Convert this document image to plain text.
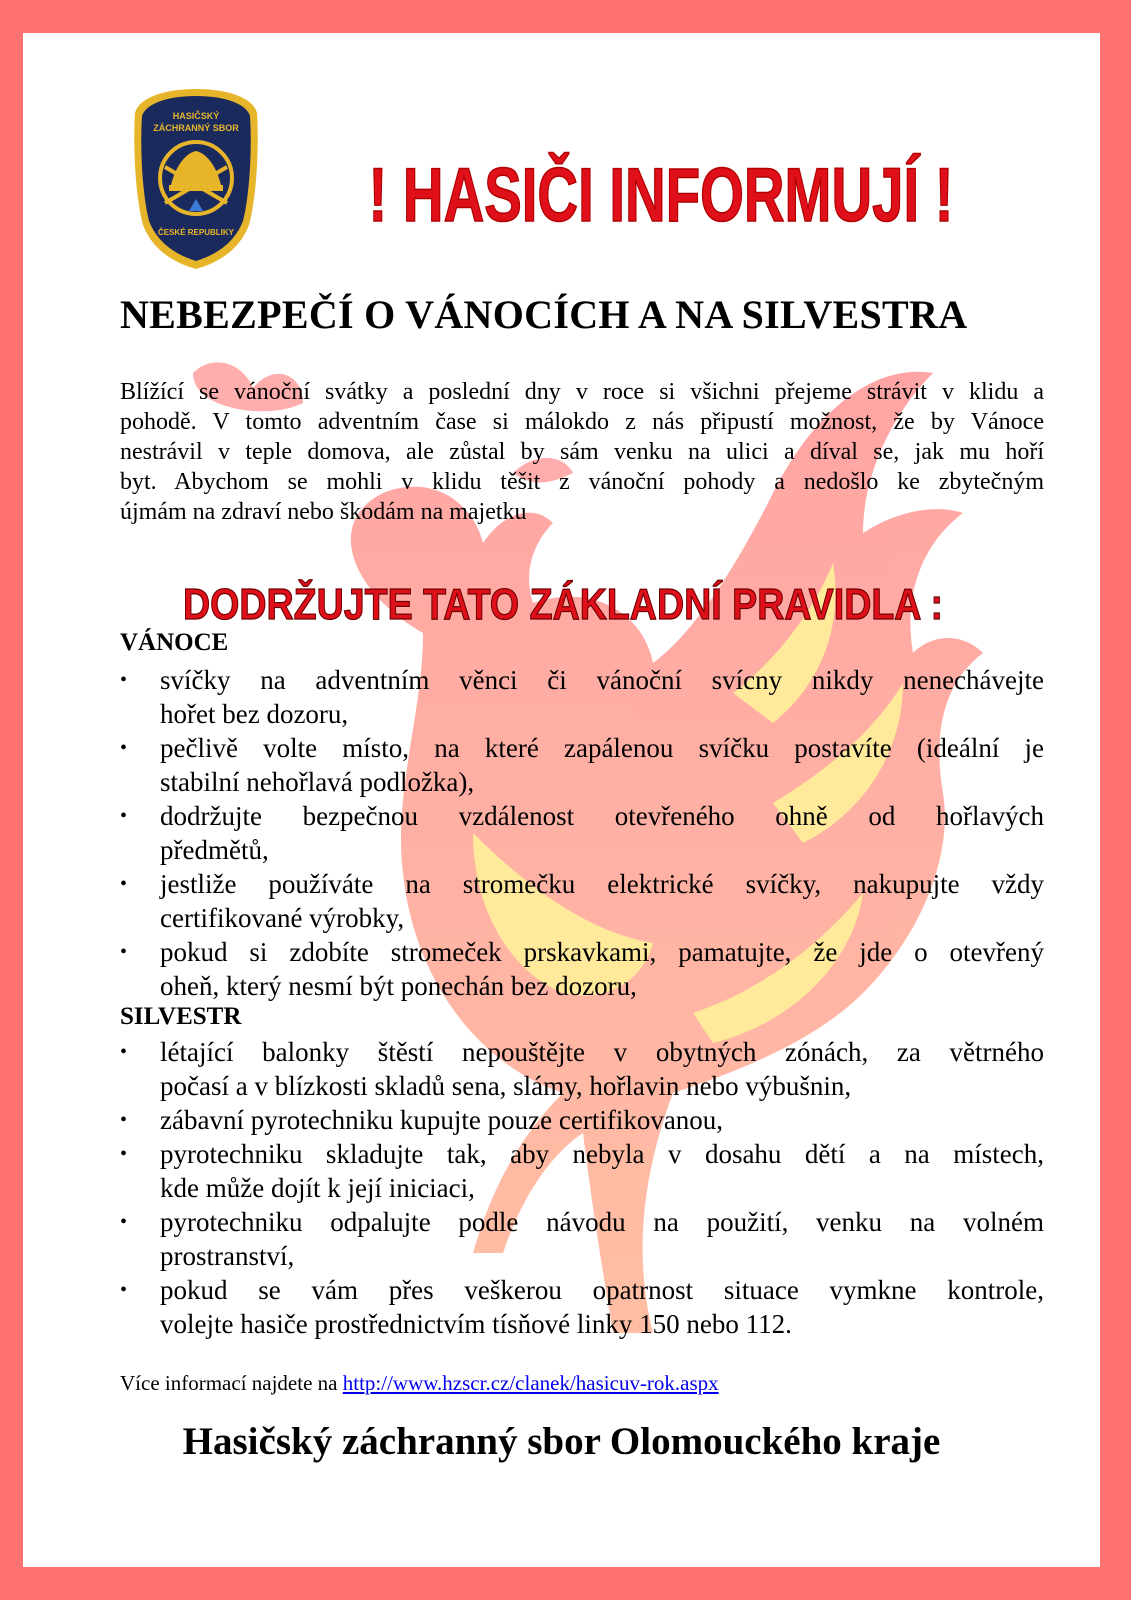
HASIČSKÝ
ZÁCHRANNÝ SBOR
ČESKÉ REPUBLIKY ! HASIČI INFORMUJÍ !
NEBEZPEČÍ O VÁNOCÍCH A NA SILVESTRA
Blížící se vánoční svátky a poslední dny v roce si všichni přejeme strávit v klidu a
pohodě. V tomto adventním čase si málokdo z nás připustí možnost, že by Vánoce
nestrávil v teple domova, ale zůstal by sám venku na ulici a díval se, jak mu hoří
byt. Abychom se mohli v klidu těšit z vánoční pohody a nedošlo ke zbytečným
újmám na zdraví nebo škodám na majetku
DODRŽUJTE TATO ZÁKLADNÍ PRAVIDLA :
VÁNOCE
• svíčky na adventním věnci či vánoční svícny nikdy nenechávejte
hořet bez dozoru,
• pečlivě volte místo, na které zapálenou svíčku postavíte (ideální je
stabilní nehořlavá podložka),
• dodržujte bezpečnou vzdálenost otevřeného ohně od hořlavých
předmětů,
• jestliže používáte na stromečku elektrické svíčky, nakupujte vždy
certifikované výrobky,
• pokud si zdobíte stromeček prskavkami, pamatujte, že jde o otevřený
oheň, který nesmí být ponechán bez dozoru,
SILVESTR
• létající balonky štěstí nepouštějte v obytných zónách, za větrného
počasí a v blízkosti skladů sena, slámy, hořlavin nebo výbušnin,
• zábavní pyrotechniku kupujte pouze certifikovanou,
• pyrotechniku skladujte tak, aby nebyla v dosahu dětí a na místech,
kde může dojít k její iniciaci,
• pyrotechniku odpalujte podle návodu na použití, venku na volném
prostranství,
• pokud se vám přes veškerou opatrnost situace vymkne kontrole,
volejte hasiče prostřednictvím tísňové linky 150 nebo 112.
Více informací najdete na http://www.hzscr.cz/clanek/hasicuv-rok.aspx
Hasičský záchranný sbor Olomouckého kraje
